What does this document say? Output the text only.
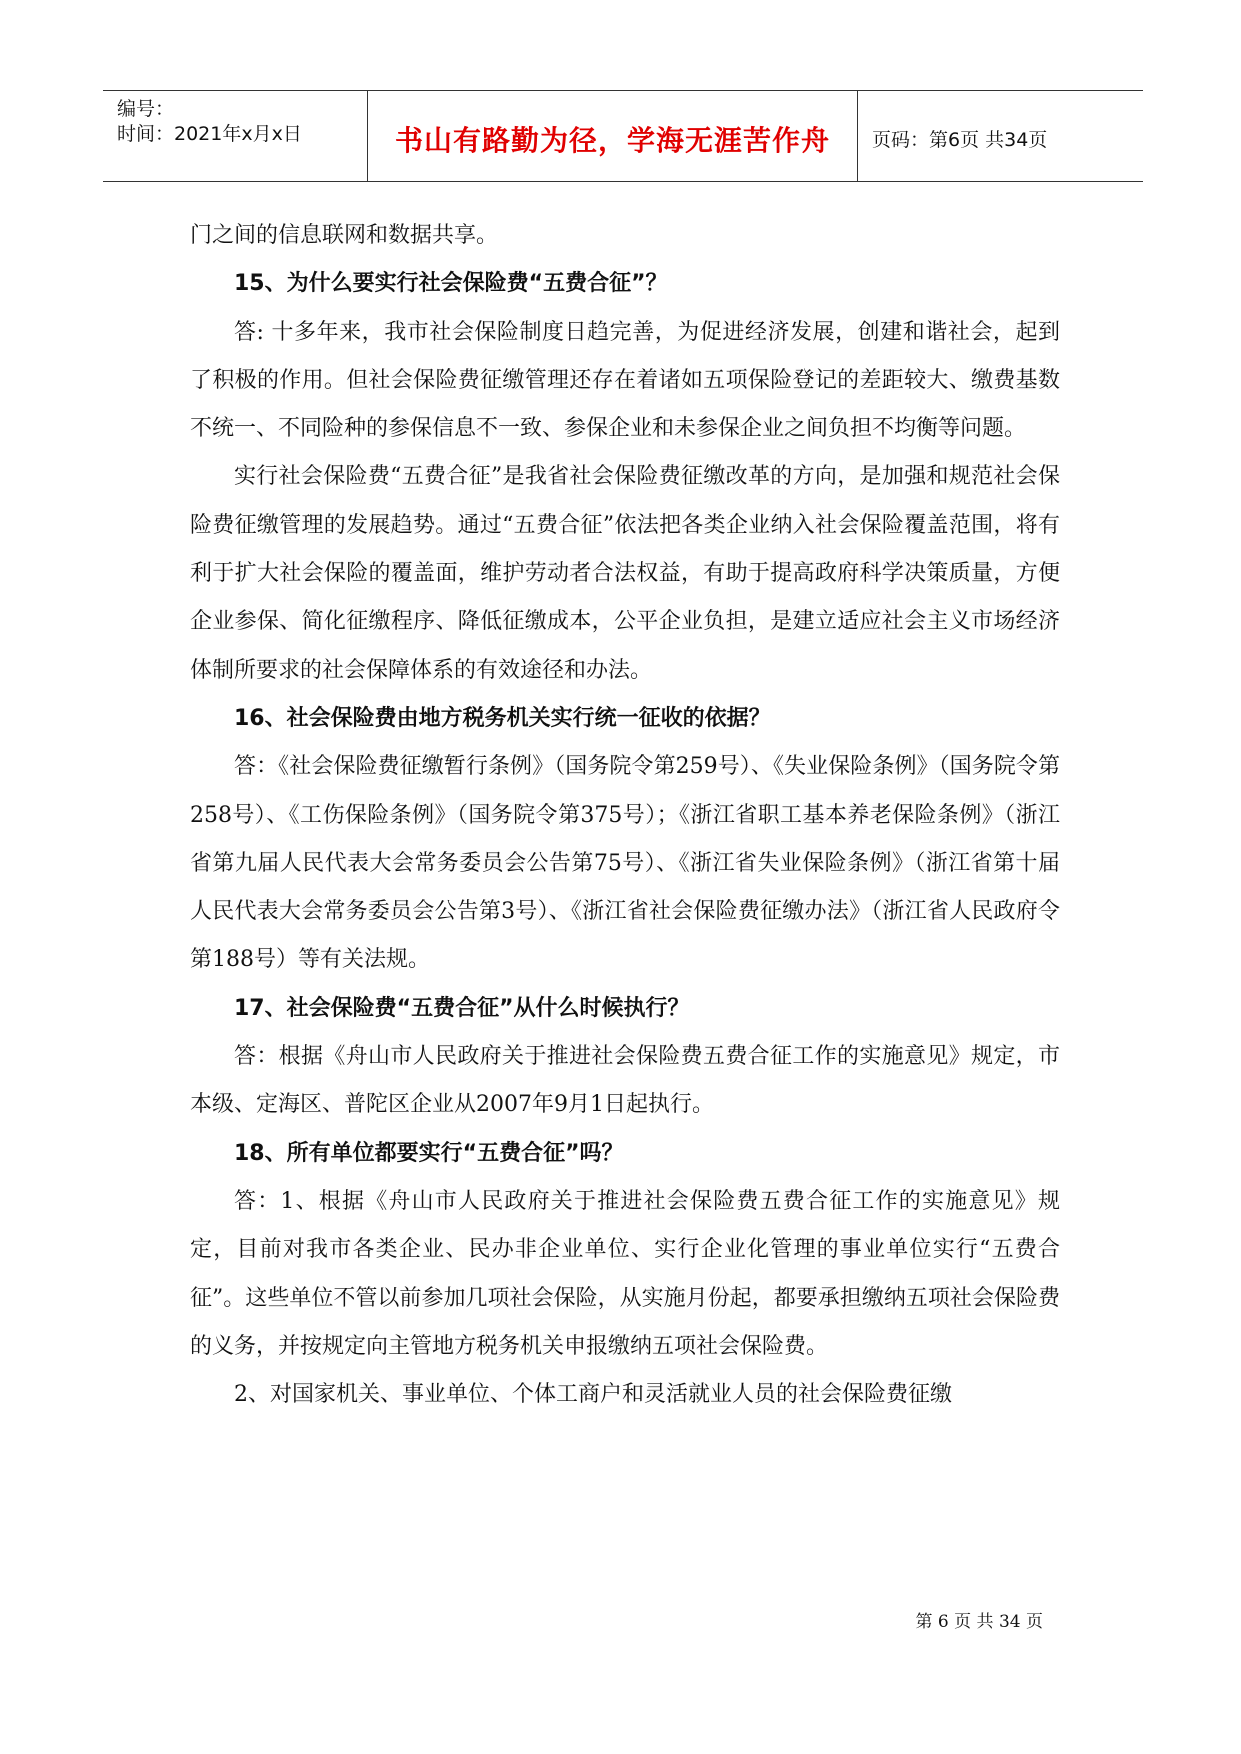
编号：
时间：2021年x月x日	书山有路勤为径，学海无涯苦作舟	页码：第6页 共34页

门之间的信息联网和数据共享。

15、为什么要实行社会保险费“五费合征”？

答: 十多年来，我市社会保险制度日趋完善，为促进经济发展，创建和谐社会，起到了积极的作用。但社会保险费征缴管理还存在着诸如五项保险登记的差距较大、缴费基数不统一、不同险种的参保信息不一致、参保企业和未参保企业之间负担不均衡等问题。

实行社会保险费“五费合征”是我省社会保险费征缴改革的方向，是加强和规范社会保险费征缴管理的发展趋势。通过“五费合征”依法把各类企业纳入社会保险覆盖范围，将有利于扩大社会保险的覆盖面，维护劳动者合法权益，有助于提高政府科学决策质量，方便企业参保、简化征缴程序、降低征缴成本，公平企业负担，是建立适应社会主义市场经济体制所要求的社会保障体系的有效途径和办法。

16、社会保险费由地方税务机关实行统一征收的依据？

答：《社会保险费征缴暂行条例》（国务院令第259号）、《失业保险条例》（国务院令第258号）、《工伤保险条例》（国务院令第375号）；《浙江省职工基本养老保险条例》（浙江省第九届人民代表大会常务委员会公告第75号）、《浙江省失业保险条例》（浙江省第十届人民代表大会常务委员会公告第3号）、《浙江省社会保险费征缴办法》（浙江省人民政府令第188号）等有关法规。

17、社会保险费“五费合征”从什么时候执行？

答：根据《舟山市人民政府关于推进社会保险费五费合征工作的实施意见》规定，市本级、定海区、普陀区企业从2007年9月1日起执行。

18、所有单位都要实行“五费合征”吗？

答：1、根据《舟山市人民政府关于推进社会保险费五费合征工作的实施意见》规定，目前对我市各类企业、民办非企业单位、实行企业化管理的事业单位实行“五费合征”。这些单位不管以前参加几项社会保险，从实施月份起，都要承担缴纳五项社会保险费的义务，并按规定向主管地方税务机关申报缴纳五项社会保险费。

2、对国家机关、事业单位、个体工商户和灵活就业人员的社会保险费征缴

第 6 页 共 34 页
